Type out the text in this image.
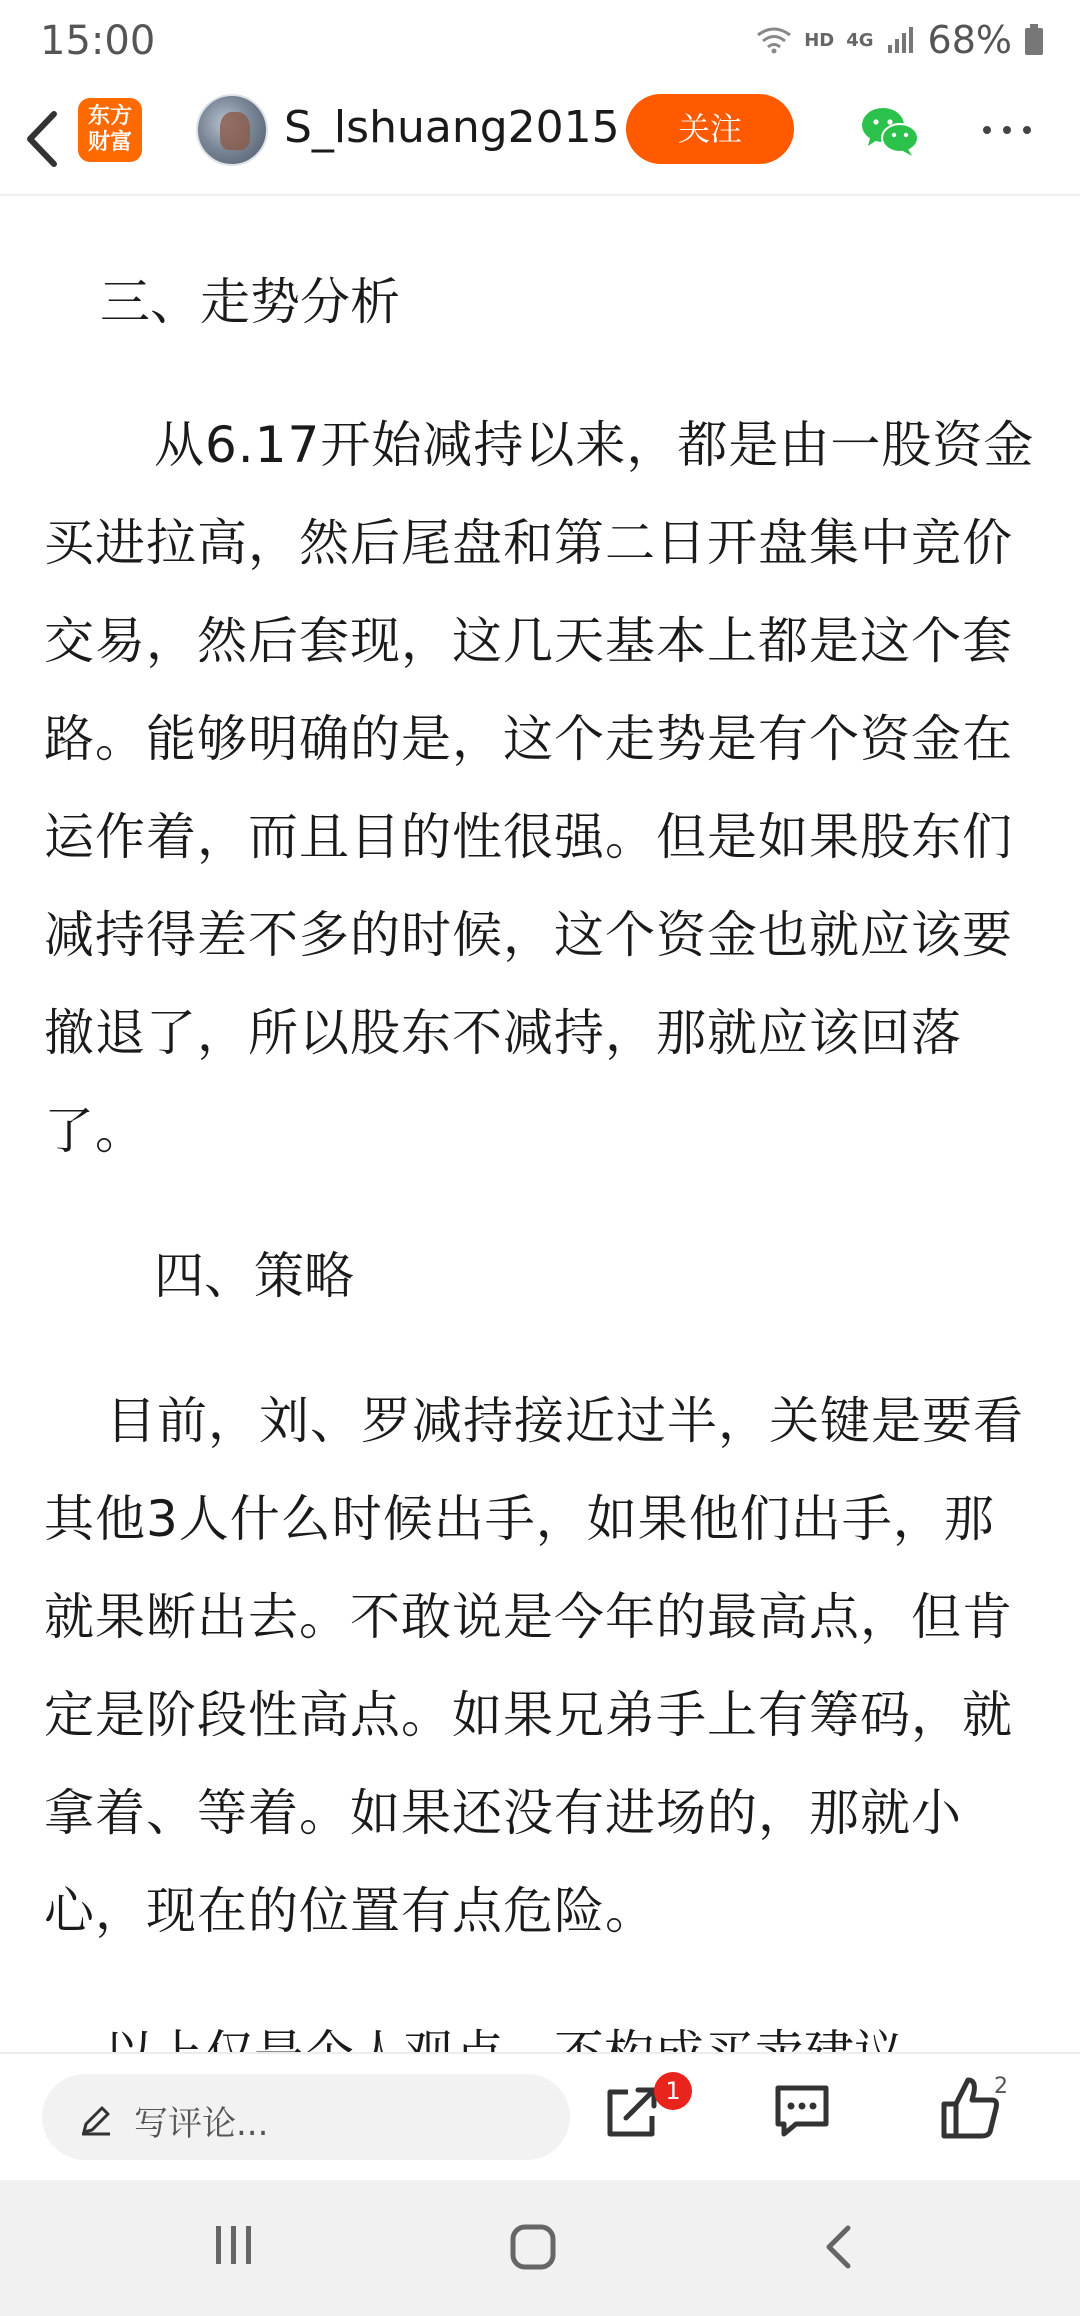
15:00	HD 4G 68%
东方
财富	S_lshuang2015	关注
三、走势分析

从6.17开始减持以来，都是由一股资金买进拉高，然后尾盘和第二日开盘集中竞价交易，然后套现，这几天基本上都是这个套路。能够明确的是，这个走势是有个资金在运作着，而且目的性很强。但是如果股东们减持得差不多的时候，这个资金也就应该要撤退了，所以股东不减持，那就应该回落了。

四、策略

目前，刘、罗减持接近过半，关键是要看其他3人什么时候出手，如果他们出手，那就果断出去。不敢说是今年的最高点，但肯定是阶段性高点。如果兄弟手上有筹码，就拿着、等着。如果还没有进场的，那就小心，现在的位置有点危险。

写评论...
1	2
